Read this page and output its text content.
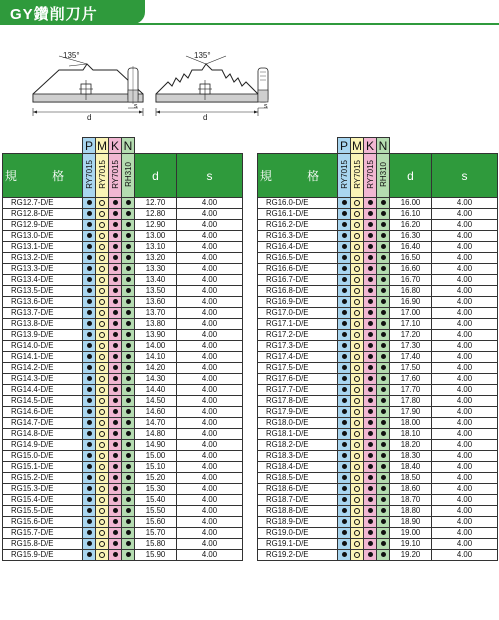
GY鑽削刀片
135°
d
s
135°
d
s
	P	M	K	N		
規 格	RY7015	RY7015	RY7015	RH310	d	s
RG12.7-D/E					12.70	4.00
RG12.8-D/E					12.80	4.00
RG12.9-D/E					12.90	4.00
RG13.0-D/E					13.00	4.00
RG13.1-D/E					13.10	4.00
RG13.2-D/E					13.20	4.00
RG13.3-D/E					13.30	4.00
RG13.4-D/E					13.40	4.00
RG13.5-D/E					13.50	4.00
RG13.6-D/E					13.60	4.00
RG13.7-D/E					13.70	4.00
RG13.8-D/E					13.80	4.00
RG13.9-D/E					13.90	4.00
RG14.0-D/E					14.00	4.00
RG14.1-D/E					14.10	4.00
RG14.2-D/E					14.20	4.00
RG14.3-D/E					14.30	4.00
RG14.4-D/E					14.40	4.00
RG14.5-D/E					14.50	4.00
RG14.6-D/E					14.60	4.00
RG14.7-D/E					14.70	4.00
RG14.8-D/E					14.80	4.00
RG14.9-D/E					14.90	4.00
RG15.0-D/E					15.00	4.00
RG15.1-D/E					15.10	4.00
RG15.2-D/E					15.20	4.00
RG15.3-D/E					15.30	4.00
RG15.4-D/E					15.40	4.00
RG15.5-D/E					15.50	4.00
RG15.6-D/E					15.60	4.00
RG15.7-D/E					15.70	4.00
RG15.8-D/E					15.80	4.00
RG15.9-D/E					15.90	4.00
	P	M	K	N		
規 格	RY7015	RY7015	RY7015	RH310	d	s
RG16.0-D/E					16.00	4.00
RG16.1-D/E					16.10	4.00
RG16.2-D/E					16.20	4.00
RG16.3-D/E					16.30	4.00
RG16.4-D/E					16.40	4.00
RG16.5-D/E					16.50	4.00
RG16.6-D/E					16.60	4.00
RG16.7-D/E					16.70	4.00
RG16.8-D/E					16.80	4.00
RG16.9-D/E					16.90	4.00
RG17.0-D/E					17.00	4.00
RG17.1-D/E					17.10	4.00
RG17.2-D/E					17.20	4.00
RG17.3-D/E					17.30	4.00
RG17.4-D/E					17.40	4.00
RG17.5-D/E					17.50	4.00
RG17.6-D/E					17.60	4.00
RG17.7-D/E					17.70	4.00
RG17.8-D/E					17.80	4.00
RG17.9-D/E					17.90	4.00
RG18.0-D/E					18.00	4.00
RG18.1-D/E					18.10	4.00
RG18.2-D/E					18.20	4.00
RG18.3-D/E					18.30	4.00
RG18.4-D/E					18.40	4.00
RG18.5-D/E					18.50	4.00
RG18.6-D/E					18.60	4.00
RG18.7-D/E					18.70	4.00
RG18.8-D/E					18.80	4.00
RG18.9-D/E					18.90	4.00
RG19.0-D/E					19.00	4.00
RG19.1-D/E					19.10	4.00
RG19.2-D/E					19.20	4.00
